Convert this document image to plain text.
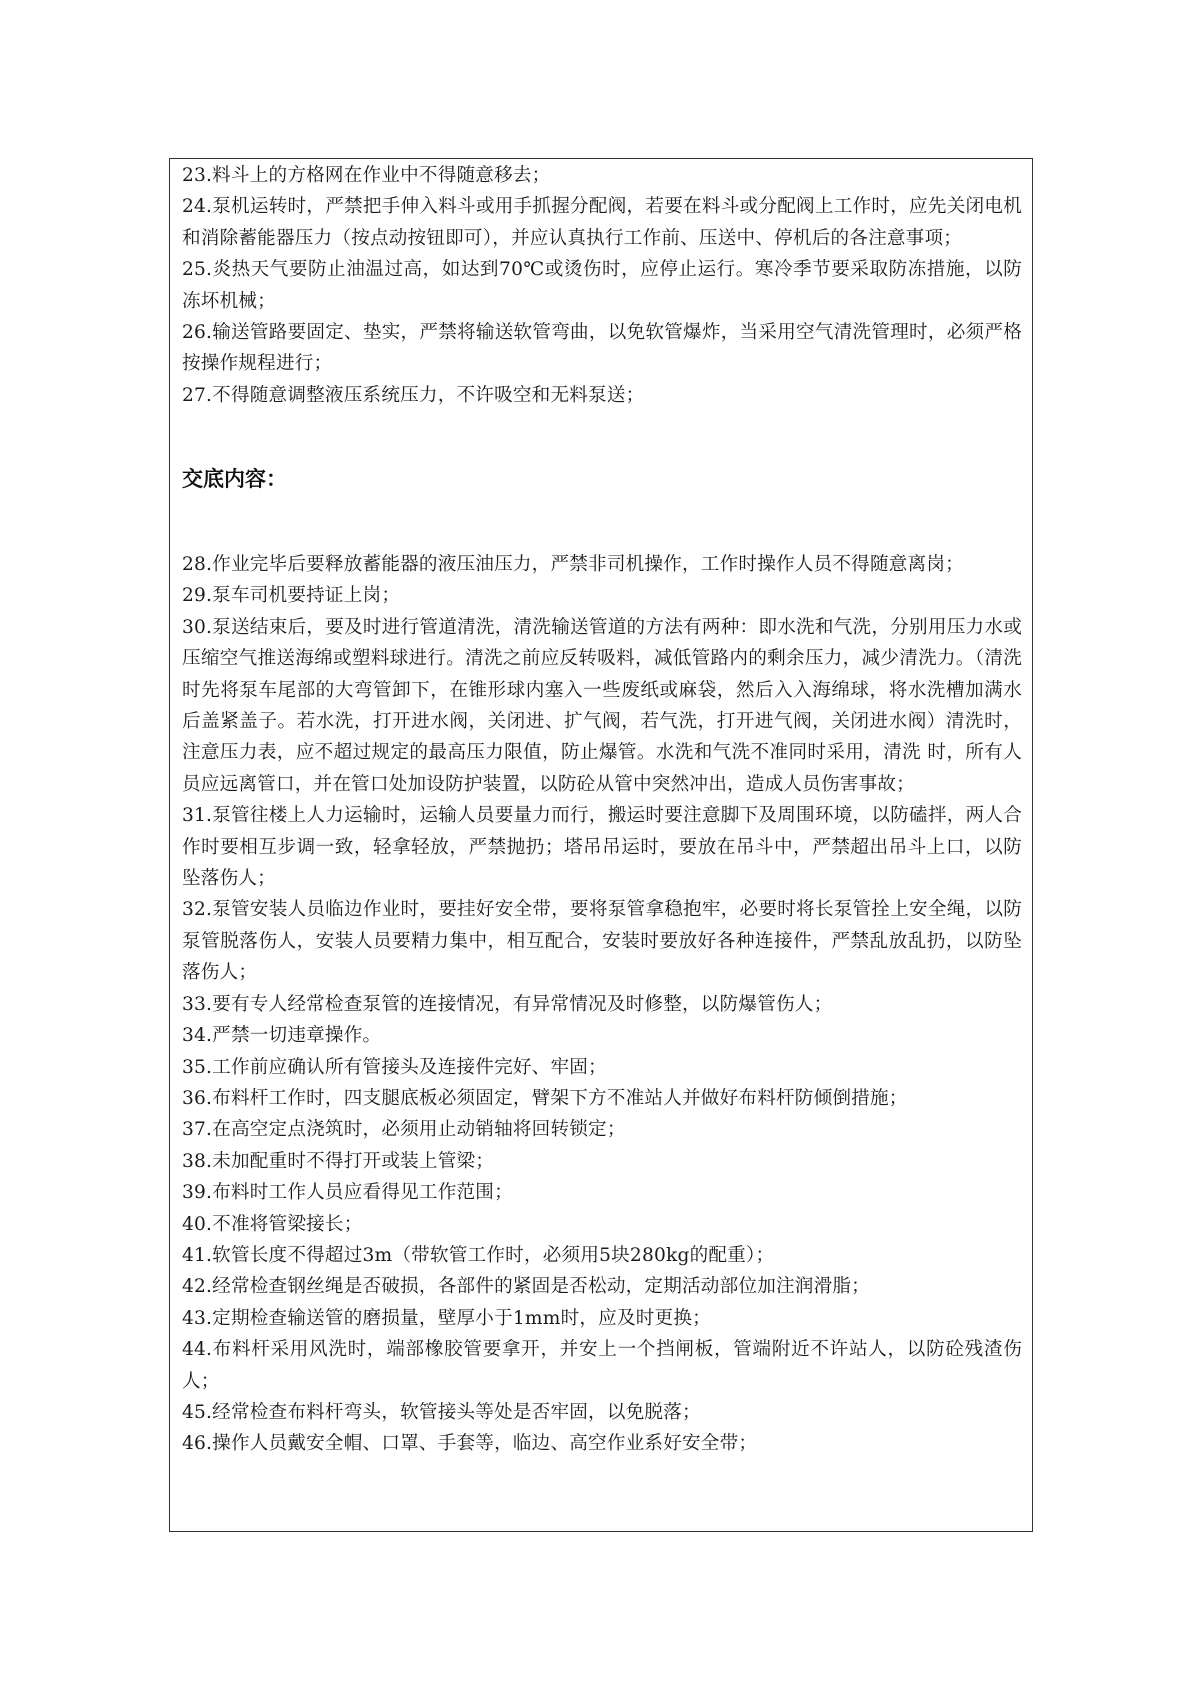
23.料斗上的方格网在作业中不得随意移去；

24.泵机运转时，严禁把手伸入料斗或用手抓握分配阀，若要在料斗或分配阀上工作时，应先关闭电机和消除蓄能器压力（按点动按钮即可），并应认真执行工作前、压送中、停机后的各注意事项；

25.炎热天气要防止油温过高，如达到70℃或烫伤时，应停止运行。寒冷季节要采取防冻措施，以防冻坏机械；

26.输送管路要固定、垫实，严禁将输送软管弯曲，以免软管爆炸，当采用空气清洗管理时，必须严格按操作规程进行；

27.不得随意调整液压系统压力，不许吸空和无料泵送；

交底内容：

28.作业完毕后要释放蓄能器的液压油压力，严禁非司机操作，工作时操作人员不得随意离岗；

29.泵车司机要持证上岗；

30.泵送结束后，要及时进行管道清洗，清洗输送管道的方法有两种：即水洗和气洗，分别用压力水或压缩空气推送海绵或塑料球进行。清洗之前应反转吸料，减低管路内的剩余压力，减少清洗力。（清洗时先将泵车尾部的大弯管卸下，在锥形球内塞入一些废纸或麻袋，然后入入海绵球，将水洗槽加满水后盖紧盖子。若水洗，打开进水阀，关闭进、扩气阀，若气洗，打开进气阀，关闭进水阀）清洗时，注意压力表，应不超过规定的最高压力限值，防止爆管。水洗和气洗不准同时采用，清洗 时，所有人员应远离管口，并在管口处加设防护装置，以防砼从管中突然冲出，造成人员伤害事故；

31.泵管往楼上人力运输时，运输人员要量力而行，搬运时要注意脚下及周围环境，以防磕拌，两人合作时要相互步调一致，轻拿轻放，严禁抛扔；塔吊吊运时，要放在吊斗中，严禁超出吊斗上口，以防坠落伤人；

32.泵管安装人员临边作业时，要挂好安全带，要将泵管拿稳抱牢，必要时将长泵管拴上安全绳，以防泵管脱落伤人，安装人员要精力集中，相互配合，安装时要放好各种连接件，严禁乱放乱扔，以防坠落伤人；

33.要有专人经常检查泵管的连接情况，有异常情况及时修整，以防爆管伤人；

34.严禁一切违章操作。

35.工作前应确认所有管接头及连接件完好、牢固；

36.布料杆工作时，四支腿底板必须固定，臂架下方不准站人并做好布料杆防倾倒措施；

37.在高空定点浇筑时，必须用止动销轴将回转锁定；

38.未加配重时不得打开或装上管梁；

39.布料时工作人员应看得见工作范围；

40.不准将管梁接长；

41.软管长度不得超过3m（带软管工作时，必须用5块280kg的配重）；

42.经常检查钢丝绳是否破损，各部件的紧固是否松动，定期活动部位加注润滑脂；

43.定期检查输送管的磨损量，壁厚小于1mm时，应及时更换；

44.布料杆采用风洗时，端部橡胶管要拿开，并安上一个挡闸板，管端附近不许站人，以防砼残渣伤人；

45.经常检查布料杆弯头，软管接头等处是否牢固，以免脱落；

46.操作人员戴安全帽、口罩、手套等，临边、高空作业系好安全带；
